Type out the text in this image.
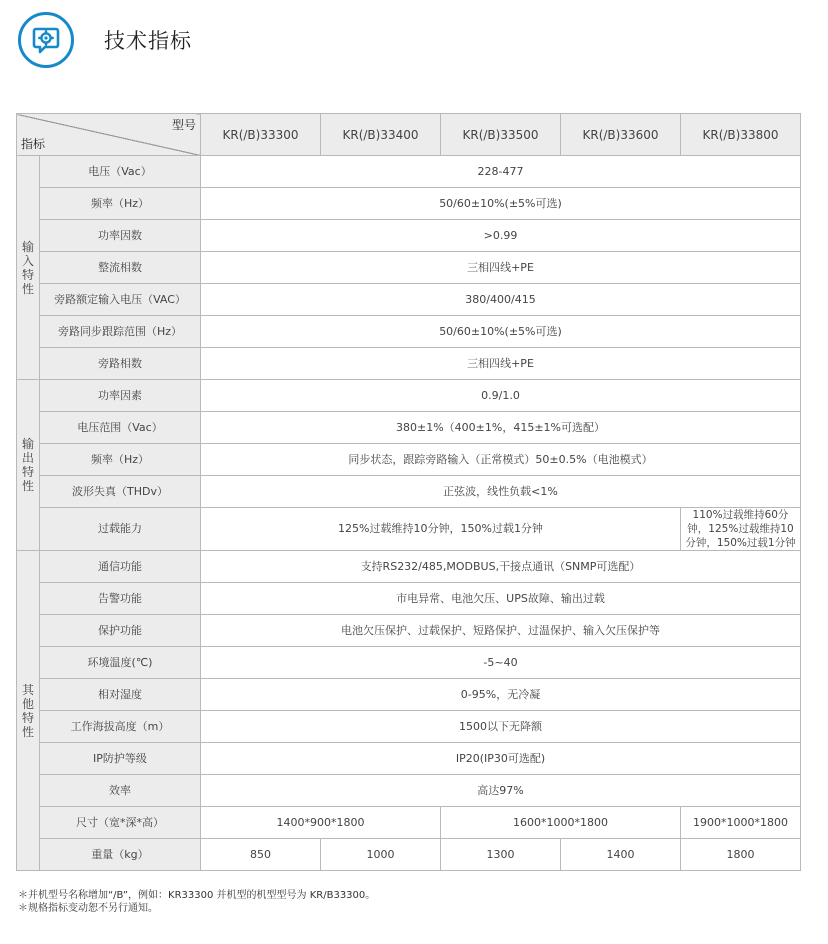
技术指标
型号
指标		KR(/B)33300	KR(/B)33400	KR(/B)33500	KR(/B)33600	KR(/B)33800
输
入
特
性	电压（Vac）	228-477				
	频率（Hz）	50/60±10%(±5%可选)				
	功率因数	>0.99				
	整流相数	三相四线+PE				
	旁路额定输入电压（VAC）	380/400/415				
	旁路同步跟踪范围（Hz）	50/60±10%(±5%可选)				
	旁路相数	三相四线+PE				
输
出
特
性	功率因素	0.9/1.0				
	电压范围（Vac）	380±1%（400±1%，415±1%可选配）				
	频率（Hz）	同步状态，跟踪旁路输入（正常模式）50±0.5%（电池模式）				
	波形失真（THDv）	正弦波，线性负载<1%				
	过载能力	125%过载维持10分钟，150%过载1分钟				110%过载维持60分钟，125%过载维持10分钟，150%过载1分钟
其
他
特
性	通信功能	支持RS232/485,MODBUS,干接点通讯（SNMP可选配）				
	告警功能	市电异常、电池欠压、UPS故障、输出过载				
	保护功能	电池欠压保护、过载保护、短路保护、过温保护、输入欠压保护等				
	环境温度(℃)	-5~40				
	相对湿度	0-95%，无冷凝				
	工作海拔高度（m）	1500以下无降额				
	IP防护等级	IP20(IP30可选配)				
	效率	高达97%				
	尺寸（宽*深*高）	1400*900*1800		1600*1000*1800		1900*1000*1800
	重量（kg）	850	1000	1300	1400	1800
＊并机型号名称增加“/B”，例如：KR33300 并机型的机型型号为 KR/B33300。
＊规格指标变动恕不另行通知。
